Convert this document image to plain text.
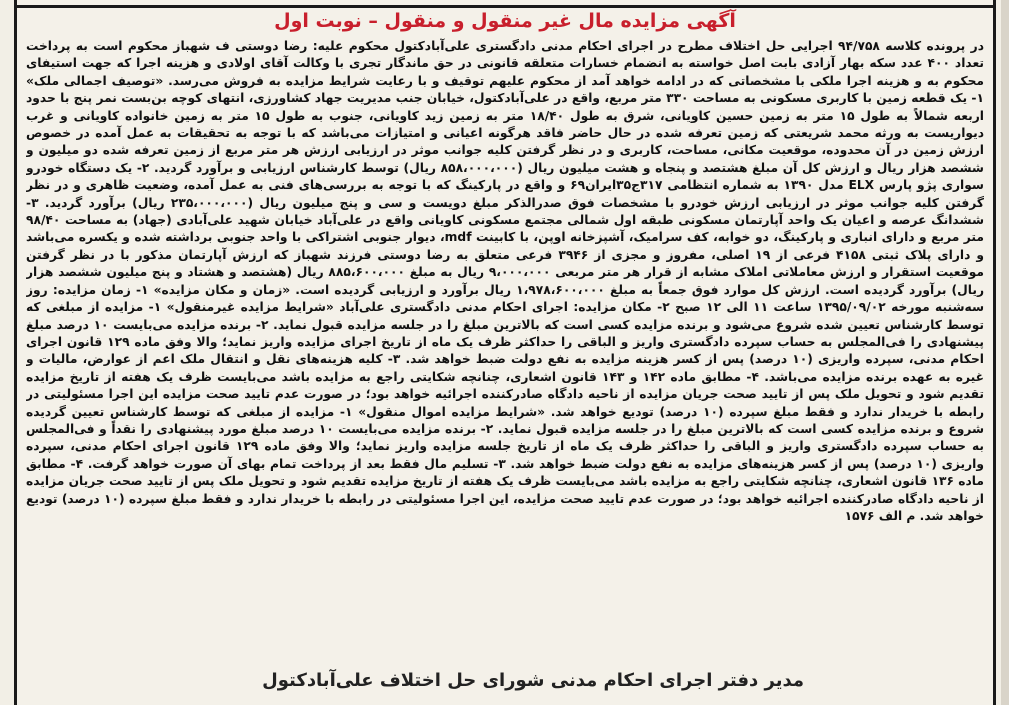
آگهی مزایده مال غیر منقول و منقول – نوبت اول
در پرونده کلاسه ۹۴/۷۵۸ اجرایی حل اختلاف مطرح در اجرای احکام مدنی دادگستری علی‌آبادکتول محکوم علیه: رضا دوستی ف شهباز محکوم است به پرداخت تعداد ۴۰۰ عدد سکه بهار آزادی بابت اصل خواسته به انضمام خسارات متعلقه قانونی در حق ماندگار تجری با وکالت آقای اولادی و هزینه اجرا که جهت استیفای محکوم به و هزینه اجرا ملکی با مشخصاتی که در ادامه خواهد آمد از محکوم علیهم توقیف و با رعایت شرایط مزایده به فروش می‌رسد. «توصیف اجمالی ملک» ۱- یک قطعه زمین با کاربری مسکونی به مساحت ۳۳۰ متر مربع، واقع در علی‌آبادکتول، خیابان جنب مدیریت جهاد کشاورزی، انتهای کوچه بن‌بست نمر پنج با حدود اربعه شمالاً به طول ۱۵ متر به زمین حسین کاویانی، شرق به طول ۱۸/۴۰ متر به زمین زید کاویانی، جنوب به طول ۱۵ متر به زمین خانواده کاویانی و غرب دیواریست به ورثه محمد شریعتی که زمین تعرفه شده در حال حاضر فاقد هرگونه اعیانی و امتیازات می‌باشد که با توجه به تحقیقات به عمل آمده در خصوص ارزش زمین در آن محدوده، موقعیت مکانی، مساحت، کاربری و در نظر گرفتن کلیه جوانب موثر در ارزیابی ارزش هر متر مربع از زمین تعرفه شده دو میلیون و ششصد هزار ریال و ارزش کل آن مبلغ هشتصد و پنجاه و هشت میلیون ریال (۸۵۸،۰۰۰،۰۰۰ ریال) توسط کارشناس ارزیابی و برآورد گردید. ۲- یک دستگاه خودرو سواری پژو پارس ELX مدل ۱۳۹۰ به شماره انتظامی ۳۱۷ج۳۵ایران۶۹ و واقع در پارکینگ که با توجه به بررسی‌های فنی به عمل آمده، وضعیت ظاهری و در نظر گرفتن کلیه جوانب موثر در ارزیابی ارزش خودرو با مشخصات فوق صدرالذکر مبلغ دویست و سی و پنج میلیون ریال (۲۳۵،۰۰۰،۰۰۰ ریال) برآورد گردید. ۳- ششدانگ عرصه و اعیان یک واحد آپارتمان مسکونی طبقه اول شمالی مجتمع مسکونی کاویانی واقع در علی‌آباد خیابان شهید علی‌آبادی (جهاد) به مساحت ۹۸/۴۰ متر مربع و دارای انباری و پارکینگ، دو خوابه، کف سرامیک، آشپزخانه اوپن، با کابینت mdf، دیوار جنوبی اشتراکی با واحد جنوبی برداشته شده و یکسره می‌باشد و دارای پلاک ثبتی ۴۱۵۸ فرعی از ۱۹ اصلی، مفروز و مجزی از ۳۹۴۶ فرعی متعلق به رضا دوستی فرزند شهباز که ارزش آپارتمان مذکور با در نظر گرفتن موقعیت استقرار و ارزش معاملاتی املاک مشابه از قرار هر متر مربعی ۹،۰۰۰،۰۰۰ ریال به مبلغ ۸۸۵،۶۰۰،۰۰۰ ریال (هشتصد و هشتاد و پنج میلیون ششصد هزار ریال) برآورد گردیده است. ارزش کل موارد فوق جمعاً به مبلغ ۱،۹۷۸،۶۰۰،۰۰۰ ریال برآورد و ارزیابی گردیده است. «زمان و مکان مزایده» ۱- زمان مزایده: روز سه‌شنبه مورخه ۱۳۹۵/۰۹/۰۲ ساعت ۱۱ الی ۱۲ صبح ۲- مکان مزایده: اجرای احکام مدنی دادگستری علی‌آباد «شرایط مزایده غیرمنقول» ۱- مزایده از مبلغی که توسط کارشناس تعیین شده شروع می‌شود و برنده مزایده کسی است که بالاترین مبلغ را در جلسه مزایده قبول نماید. ۲- برنده مزایده می‌بایست ۱۰ درصد مبلغ پیشنهادی را فی‌المجلس به حساب سپرده دادگستری واریز و الباقی را حداکثر ظرف یک ماه از تاریخ اجرای مزایده واریز نماید؛ والا وفق ماده ۱۲۹ قانون اجرای احکام مدنی، سپرده واریزی (۱۰ درصد) پس از کسر هزینه مزایده به نفع دولت ضبط خواهد شد. ۳- کلیه هزینه‌های نقل و انتقال ملک اعم از عوارض، مالیات و غیره به عهده برنده مزایده می‌باشد. ۴- مطابق ماده ۱۴۲ و ۱۴۳ قانون اشعاری، چنانچه شکایتی راجع به مزایده باشد می‌بایست ظرف یک هفته از تاریخ مزایده تقدیم شود و تحویل ملک پس از تایید صحت جریان مزایده از ناحیه دادگاه صادرکننده اجرائیه خواهد بود؛ در صورت عدم تایید صحت مزایده این اجرا مسئولیتی در رابطه با خریدار ندارد و فقط مبلغ سپرده (۱۰ درصد) تودیع خواهد شد. «شرایط مزایده اموال منقول» ۱- مزایده از مبلغی که توسط کارشناس تعیین گردیده شروع و برنده مزایده کسی است که بالاترین مبلغ را در جلسه مزایده قبول نماید. ۲- برنده مزایده می‌بایست ۱۰ درصد مبلغ مورد پیشنهادی را نقداً و فی‌المجلس به حساب سپرده دادگستری واریز و الباقی را حداکثر ظرف یک ماه از تاریخ جلسه مزایده واریز نماید؛ والا وفق ماده ۱۲۹ قانون اجرای احکام مدنی، سپرده واریزی (۱۰ درصد) پس از کسر هزینه‌های مزایده به نفع دولت ضبط خواهد شد. ۳- تسلیم مال فقط بعد از پرداخت تمام بهای آن صورت خواهد گرفت. ۴- مطابق ماده ۱۳۶ قانون اشعاری، چنانچه شکایتی راجع به مزایده باشد می‌بایست ظرف یک هفته از تاریخ مزایده تقدیم شود و تحویل ملک پس از تایید صحت جریان مزایده از ناحیه دادگاه صادرکننده اجرائیه خواهد بود؛ در صورت عدم تایید صحت مزایده، این اجرا مسئولیتی در رابطه با خریدار ندارد و فقط مبلغ سپرده (۱۰ درصد) تودیع خواهد شد. م الف ۱۵۷۶
مدیر دفتر اجرای احکام مدنی شورای حل اختلاف علی‌آبادکتول
